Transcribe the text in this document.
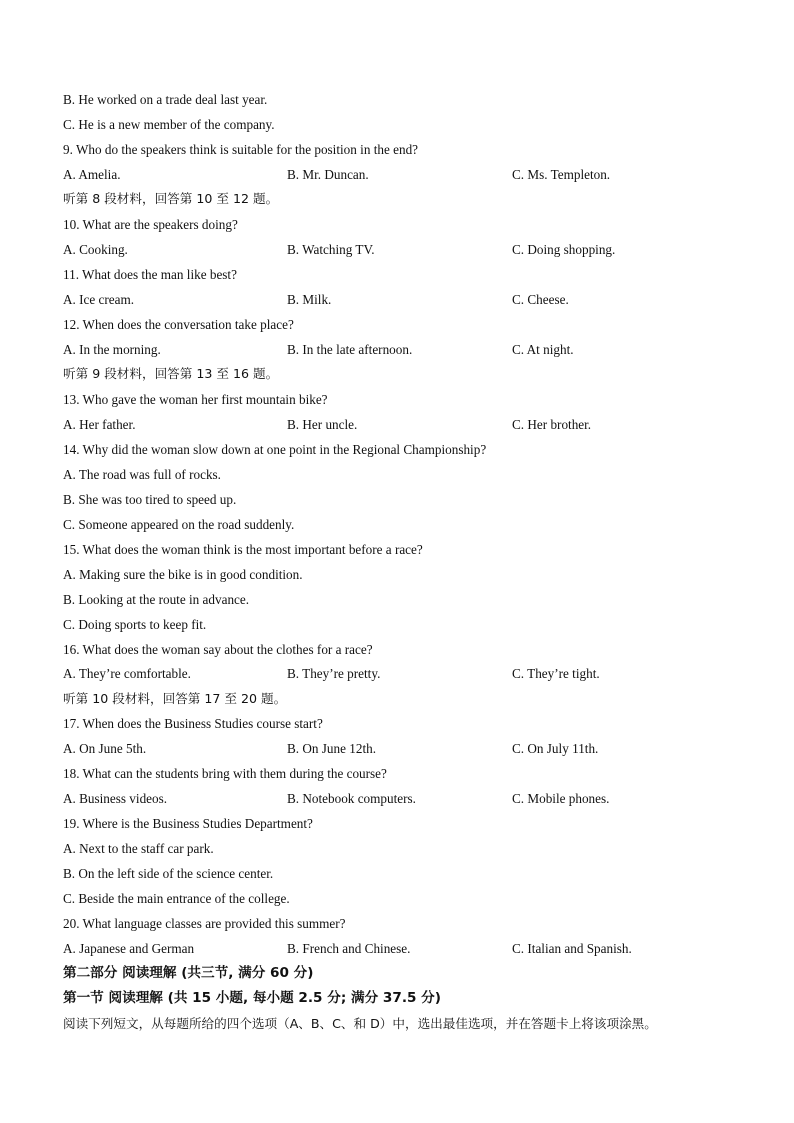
B. He worked on a trade deal last year.
C. He is a new member of the company.
9. Who do the speakers think is suitable for the position in the end?
A. Amelia.	B. Mr. Duncan.	C. Ms. Templeton.
听第 8 段材料，回答第 10 至 12 题。
10. What are the speakers doing?
A. Cooking.	B. Watching TV.	C. Doing shopping.
11. What does the man like best?
A. Ice cream.	B. Milk.	C. Cheese.
12. When does the conversation take place?
A. In the morning.	B. In the late afternoon.	C. At night.
听第 9 段材料，回答第 13 至 16 题。
13. Who gave the woman her first mountain bike?
A. Her father.	B. Her uncle.	C. Her brother.
14. Why did the woman slow down at one point in the Regional Championship?
A. The road was full of rocks.
B. She was too tired to speed up.
C. Someone appeared on the road suddenly.
15. What does the woman think is the most important before a race?
A. Making sure the bike is in good condition.
B. Looking at the route in advance.
C. Doing sports to keep fit.
16. What does the woman say about the clothes for a race?
A. They’re comfortable.	B. They’re pretty.	C. They’re tight.
听第 10 段材料，回答第 17 至 20 题。
17. When does the Business Studies course start?
A. On June 5th.	B. On June 12th.	C. On July 11th.
18. What can the students bring with them during the course?
A. Business videos.	B. Notebook computers.	C. Mobile phones.
19. Where is the Business Studies Department?
A. Next to the staff car park.
B. On the left side of the science center.
C. Beside the main entrance of the college.
20. What language classes are provided this summer?
A. Japanese and German	B. French and Chinese.	C. Italian and Spanish.
第二部分 阅读理解 (共三节, 满分 60 分)
第一节 阅读理解 (共 15 小题, 每小题 2.5 分; 满分 37.5 分)
阅读下列短文，从每题所给的四个选项（A、B、C、和 D）中，选出最佳选项，并在答题卡上将该项涂黑。
